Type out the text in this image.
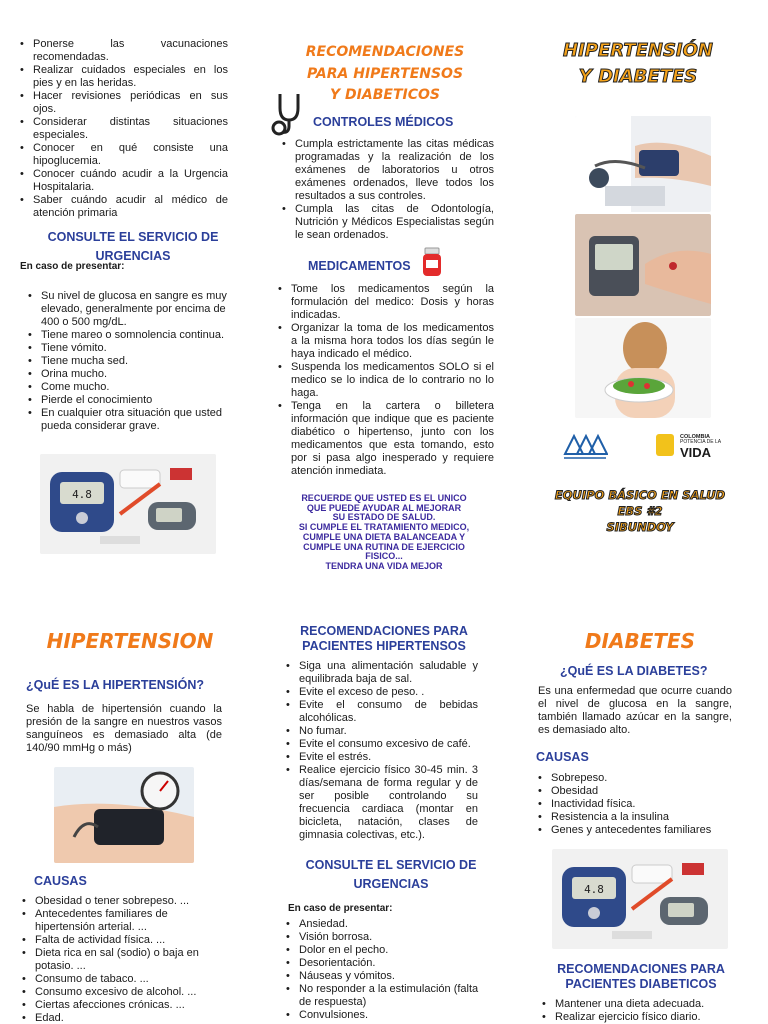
• Ponerse las vacunaciones recomendadas.
• Realizar cuidados especiales en los pies y en las heridas.
• Hacer revisiones periódicas en sus ojos.
• Considerar distintas situaciones especiales.
• Conocer en qué consiste una hipoglucemia.
• Conocer cuándo acudir a la Urgencia Hospitalaria.
• Saber cuándo acudir al médico de atención primaria
CONSULTE EL SERVICIO DE URGENCIAS
En caso de presentar:
• Su nivel de glucosa en sangre es muy elevado, generalmente por encima de 400 o 500 mg/dL.
• Tiene mareo o somnolencia continua.
• Tiene vómito.
• Tiene mucha sed.
• Orina mucho.
• Come mucho.
• Pierde el conocimiento
• En cualquier otra situación que usted pueda considerar grave.
4.8
RECOMENDACIONES PARA HIPERTENSOS Y DIABETICOS
CONTROLES MÉDICOS
• Cumpla estrictamente las citas médicas programadas y la realización de los exámenes de laboratorios u otros exámenes ordenados, lleve todos los resultados a sus controles.
• Cumpla las citas de Odontología, Nutrición y Médicos Especialistas según le sean ordenados.
MEDICAMENTOS
• Tome los medicamentos según la formulación del medico: Dosis y horas indicadas.
• Organizar la toma de los medicamentos a la misma hora todos los días según le haya indicado el médico.
• Suspenda los medicamentos SOLO si el medico se lo indica de lo contrario no lo haga.
• Tenga en la cartera o billetera información que indique que es paciente diabético o hipertenso, junto con los medicamentos que esta tomando, esto por si pasa algo inesperado y requiere atención inmediata.
RECUERDE QUE USTED ES EL UNICO
QUE PUEDE AYUDAR AL MEJORAR
SU ESTADO DE SALUD.
SI CUMPLE EL TRATAMIENTO MEDICO,
CUMPLE UNA DIETA BALANCEADA Y
CUMPLE UNA RUTINA DE EJERCICIO
FISICO...
TENDRA UNA VIDA MEJOR
HIPERTENSIÓN
Y DIABETES
COLOMBIA
POTENCIA DE LA
VIDA
EQUIPO BÁSICO EN SALUD
EBS #2
SIBUNDOY
HIPERTENSION
¿QuÉ ES LA HIPERTENSIÓN?
Se habla de hipertensión cuando la presión de la sangre en nuestros vasos sanguíneos es demasiado alta (de 140/90 mmHg o más)
CAUSAS
• Obesidad o tener sobrepeso. ...
• Antecedentes familiares de hipertensión arterial. ...
• Falta de actividad física. ...
• Dieta rica en sal (sodio) o baja en potasio. ...
• Consumo de tabaco. ...
• Consumo excesivo de alcohol. ...
• Ciertas afecciones crónicas. ...
• Edad.
RECOMENDACIONES PARA PACIENTES HIPERTENSOS
• Siga una alimentación saludable y equilibrada baja de sal.
• Evite el exceso de peso. .
• Evite el consumo de bebidas alcohólicas.
• No fumar.
• Evite el consumo excesivo de café.
• Evite el estrés.
• Realice ejercicio físico 30-45 min. 3 días/semana de forma regular y de ser posible controlando su frecuencia cardiaca (montar en bicicleta, natación, clases de gimnasia colectivas, etc.).
CONSULTE EL SERVICIO DE URGENCIAS
En caso de presentar:
• Ansiedad.
• Visión borrosa.
• Dolor en el pecho.
• Desorientación.
• Náuseas y vómitos.
• No responder a la estimulación (falta de respuesta)
• Convulsiones.
DIABETES
¿QuÉ ES LA DIABETES?
Es una enfermedad que ocurre cuando el nivel de glucosa en la sangre, también llamado azúcar en la sangre, es demasiado alto.
CAUSAS
• Sobrepeso.
• Obesidad
• Inactividad física.
• Resistencia a la insulina
• Genes y antecedentes familiares
4.8
RECOMENDACIONES PARA PACIENTES DIABETICOS
• Mantener una dieta adecuada.
• Realizar ejercicio físico diario.
